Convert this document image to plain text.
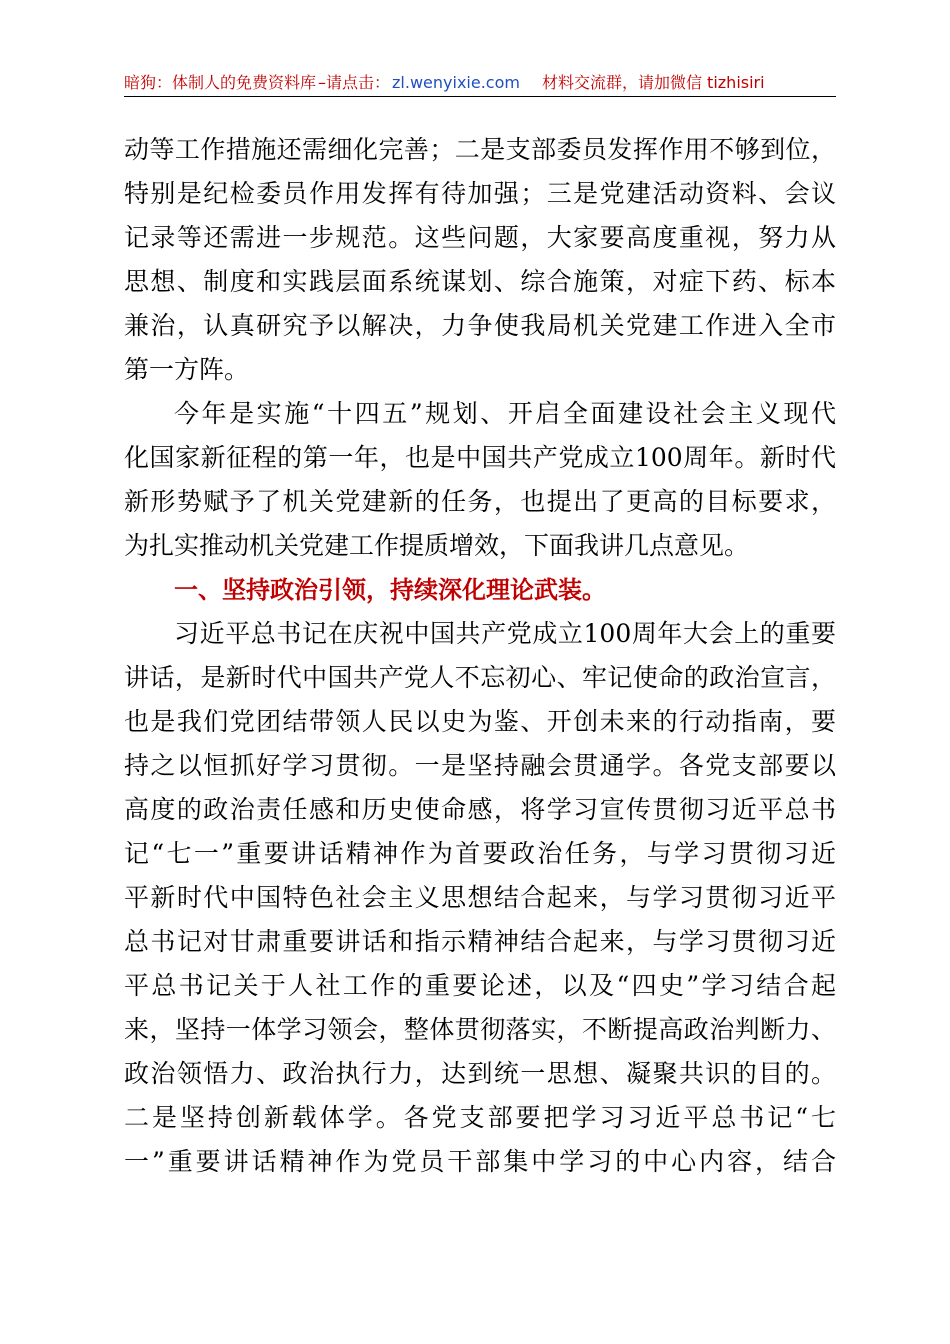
暗狗：体制人的免费资料库 –请点击： zl.wenyixie.com 材料交流群，请加微信 tizhisiri
动等工作措施还需细化完善；二是支部委员发挥作用不够到位，
特别是纪检委员作用发挥有待加强；三是党建活动资料、会议
记录等还需进一步规范。这些问题，大家要高度重视，努力从
思想、制度和实践层面系统谋划、综合施策，对症下药、标本
兼治，认真研究予以解决，力争使我局机关党建工作进入全市
第一方阵。
今年是实施“十四五”规划、开启全面建设社会主义现代
化国家新征程的第一年，也是中国共产党成立100周年。新时代
新形势赋予了机关党建新的任务，也提出了更高的目标要求，
为扎实推动机关党建工作提质增效，下面我讲几点意见。
一、坚持政治引领，持续深化理论武装。
习近平总书记在庆祝中国共产党成立100周年大会上的重要
讲话，是新时代中国共产党人不忘初心、牢记使命的政治宣言，
也是我们党团结带领人民以史为鉴、开创未来的行动指南，要
持之以恒抓好学习贯彻。一是坚持融会贯通学。各党支部要以
高度的政治责任感和历史使命感，将学习宣传贯彻习近平总书
记“七一”重要讲话精神作为首要政治任务，与学习贯彻习近
平新时代中国特色社会主义思想结合起来，与学习贯彻习近平
总书记对甘肃重要讲话和指示精神结合起来，与学习贯彻习近
平总书记关于人社工作的重要论述，以及“四史”学习结合起
来，坚持一体学习领会，整体贯彻落实，不断提高政治判断力、
政治领悟力、政治执行力，达到统一思想、凝聚共识的目的。
二是坚持创新载体学。各党支部要把学习习近平总书记“七
一”重要讲话精神作为党员干部集中学习的中心内容，结合
